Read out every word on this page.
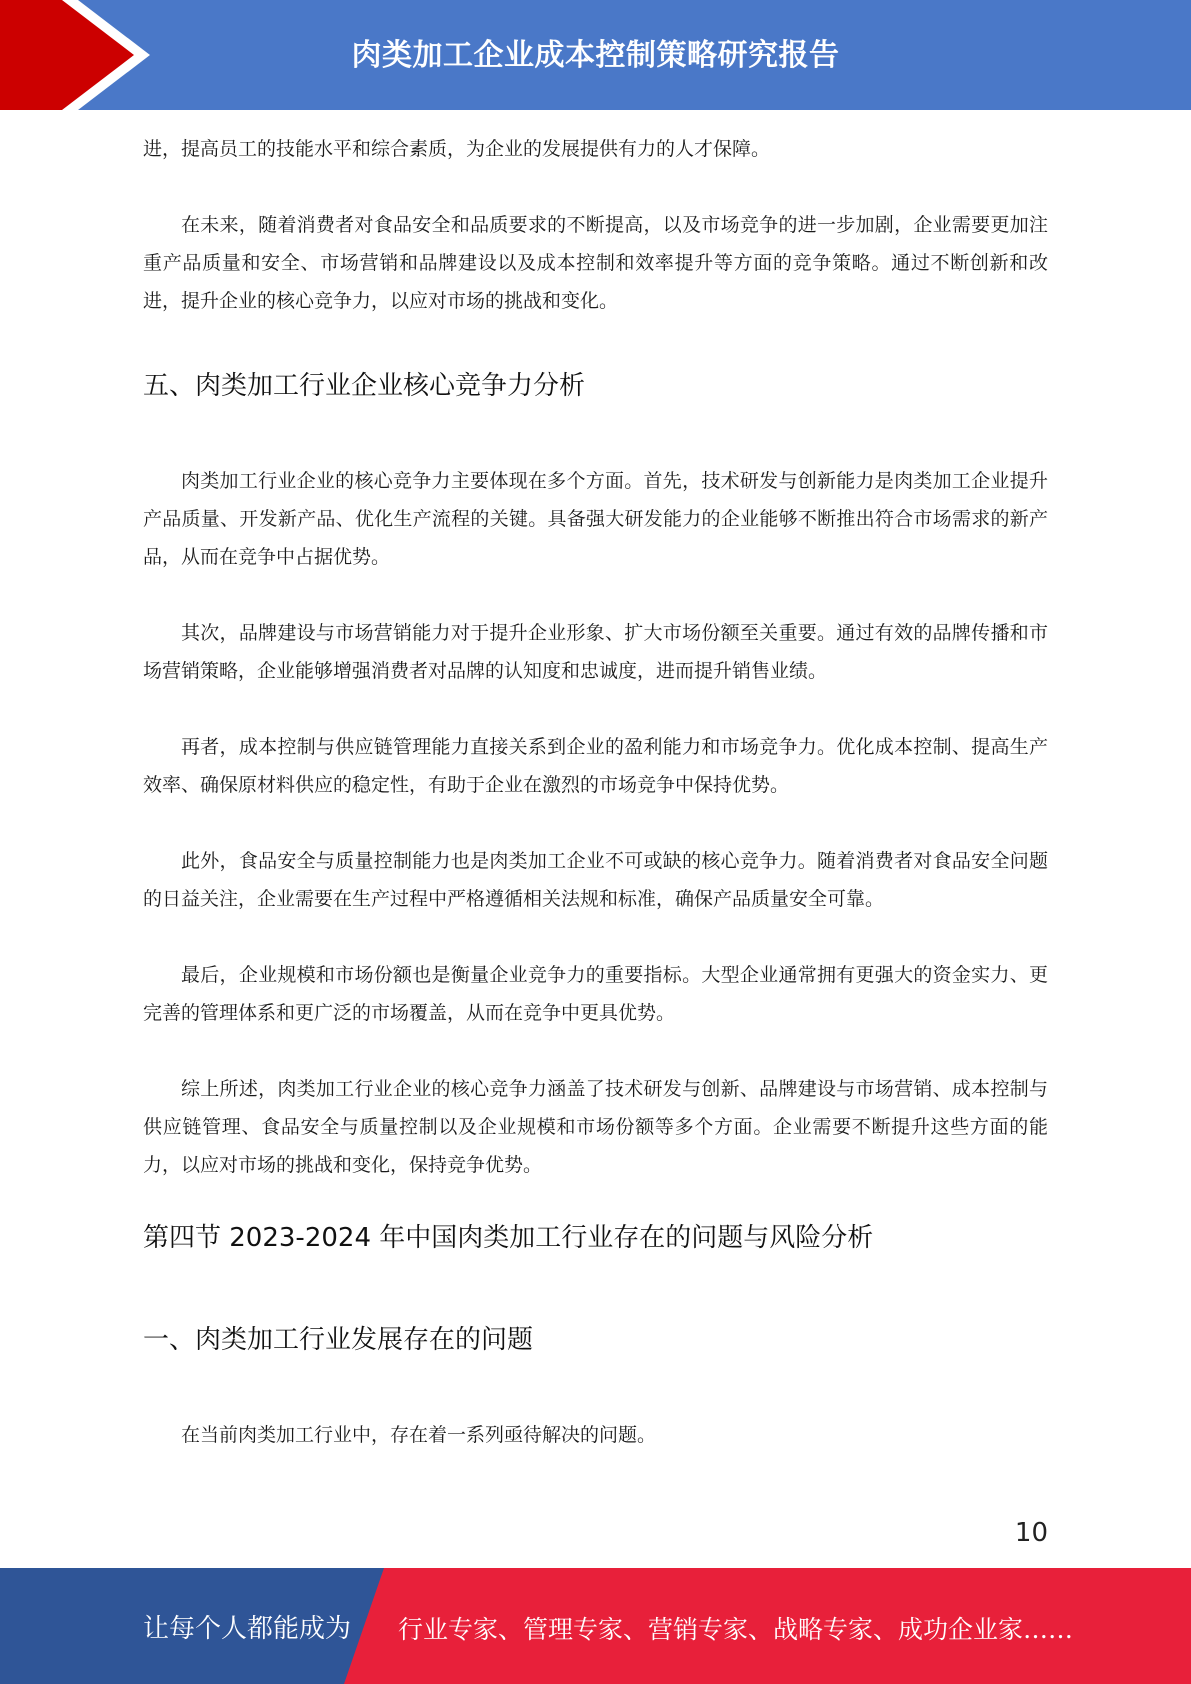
肉类加工企业成本控制策略研究报告

进，提高员工的技能水平和综合素质，为企业的发展提供有力的人才保障。

在未来，随着消费者对食品安全和品质要求的不断提高，以及市场竞争的进一步加剧，企业需要更加注重产品质量和安全、市场营销和品牌建设以及成本控制和效率提升等方面的竞争策略。通过不断创新和改进，提升企业的核心竞争力，以应对市场的挑战和变化。

五、肉类加工行业企业核心竞争力分析

肉类加工行业企业的核心竞争力主要体现在多个方面。首先，技术研发与创新能力是肉类加工企业提升产品质量、开发新产品、优化生产流程的关键。具备强大研发能力的企业能够不断推出符合市场需求的新产品，从而在竞争中占据优势。

其次，品牌建设与市场营销能力对于提升企业形象、扩大市场份额至关重要。通过有效的品牌传播和市场营销策略，企业能够增强消费者对品牌的认知度和忠诚度，进而提升销售业绩。

再者，成本控制与供应链管理能力直接关系到企业的盈利能力和市场竞争力。优化成本控制、提高生产效率、确保原材料供应的稳定性，有助于企业在激烈的市场竞争中保持优势。

此外，食品安全与质量控制能力也是肉类加工企业不可或缺的核心竞争力。随着消费者对食品安全问题的日益关注，企业需要在生产过程中严格遵循相关法规和标准，确保产品质量安全可靠。

最后，企业规模和市场份额也是衡量企业竞争力的重要指标。大型企业通常拥有更强大的资金实力、更完善的管理体系和更广泛的市场覆盖，从而在竞争中更具优势。

综上所述，肉类加工行业企业的核心竞争力涵盖了技术研发与创新、品牌建设与市场营销、成本控制与供应链管理、食品安全与质量控制以及企业规模和市场份额等多个方面。企业需要不断提升这些方面的能力，以应对市场的挑战和变化，保持竞争优势。

第四节 2023-2024 年中国肉类加工行业存在的问题与风险分析
一、肉类加工行业发展存在的问题

在当前肉类加工行业中，存在着一系列亟待解决的问题。

10
让每个人都能成为 行业专家、管理专家、营销专家、战略专家、成功企业家……
